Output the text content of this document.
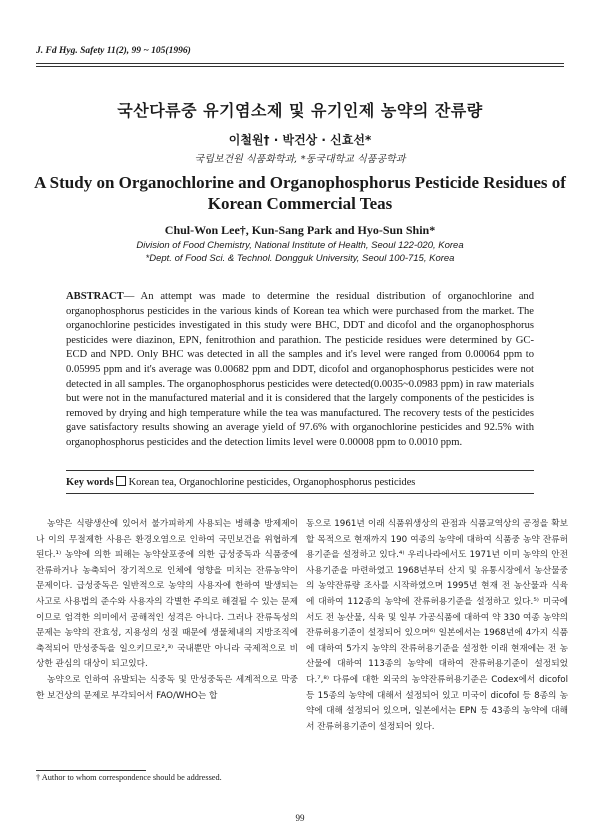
J. Fd Hyg. Safety 11(2), 99 ~ 105(1996)
국산다류중 유기염소제 및 유기인제 농약의 잔류량
이철원† · 박건상 · 신효선*
국립보건원 식품화학과, *동국대학교 식품공학과
A Study on Organochlorine and Organophosphorus Pesticide Residues of Korean Commercial Teas
Chul-Won Lee†, Kun-Sang Park and Hyo-Sun Shin*
Division of Food Chemistry, National Institute of Health, Seoul 122-020, Korea
*Dept. of Food Sci. & Technol. Dongguk University, Seoul 100-715, Korea
ABSTRACT— An attempt was made to determine the residual distribution of organochlorine and organophosphorus pesticides in the various kinds of Korean tea which were purchased from the market. The organochlorine pesticides investigated in this study were BHC, DDT and dicofol and the organophosphorus pesticides were diazinon, EPN, fenitrothion and parathion. The pesticide residues were determined by GC-ECD and NPD. Only BHC was detected in all the samples and it's level were ranged from 0.00064 ppm to 0.05995 ppm and it's average was 0.00682 ppm and DDT, dicofol and organophosphorus pesticides were not detected in all samples. The organophosphorus pesticides were detected(0.0035~0.0983 ppm) in raw materials but were not in the manufactured material and it is considered that the largely components of the pesticides is removed by drying and high temperature while the tea was manufactured. The recovery tests of the pesticides gave satisfactory results showing an average yield of 97.6% with organochlorine pesticides and 92.5% with organophosphorus pesticides and the detection limits level were 0.00008 ppm to 0.0010 ppm.
Key words Korean tea, Organochlorine pesticides, Organophosphorus pesticides

농약은 식량생산에 있어서 불가피하게 사용되는 병해충 방제제이나 이의 무절제한 사용은 환경오염으로 인하여 국민보건을 위협하게 된다.¹⁾ 농약에 의한 피해는 농약살포중에 의한 급성중독과 식품중에 잔류하거나 농축되어 장기적으로 인체에 영향을 미치는 잔류농약이 문제이다. 급성중독은 일반적으로 농약의 사용자에 한하여 발생되는 사고로 사용법의 준수와 사용자의 각별한 주의로 해결될 수 있는 문제이므로 엄격한 의미에서 공해적인 성격은 아니다. 그러나 잔류독성의 문제는 농약의 잔효성, 지용성의 성질 때문에 생물체내의 지방조직에 축적되어 만성중독을 일으키므로²,³⁾ 국내뿐만 아니라 국제적으로 비상한 관심의 대상이 되고있다.

농약으로 인하여 유발되는 식중독 및 만성중독은 세계적으로 막중한 보건상의 문제로 부각되어서 FAO/WHO는 합

동으로 1961년 이래 식품위생상의 관점과 식품교역상의 공정을 확보할 목적으로 현재까지 190 여종의 농약에 대하여 식품중 농약 잔류허용기준을 설정하고 있다.⁴⁾ 우리나라에서도 1971년 이미 농약의 안전사용기준을 마련하였고 1968년부터 산지 및 유통시장에서 농산물중의 농약잔류량 조사를 시작하였으며 1995년 현재 전 농산물과 식육에 대하여 112종의 농약에 잔류허용기준을 설정하고 있다.⁵⁾ 미국에서도 전 농산물, 식육 및 일부 가공식품에 대하여 약 330 여종 농약의 잔류허용기준이 설정되어 있으며⁶⁾ 일본에서는 1968년에 4가지 식품에 대하여 5가지 농약의 잔류허용기준을 설정한 이래 현재에는 전 농산물에 대하여 113종의 농약에 대하여 잔류허용기준이 설정되었다.⁷,⁸⁾ 다류에 대한 외국의 농약잔류허용기준은 Codex에서 dicofol 등 15종의 농약에 대해서 설정되어 있고 미국이 dicofol 등 8종의 농약에 대해 설정되어 있으며, 일본에서는 EPN 등 43종의 농약에 대해서 잔류허용기준이 설정되어 있다.

† Author to whom correspondence should be addressed.
99
